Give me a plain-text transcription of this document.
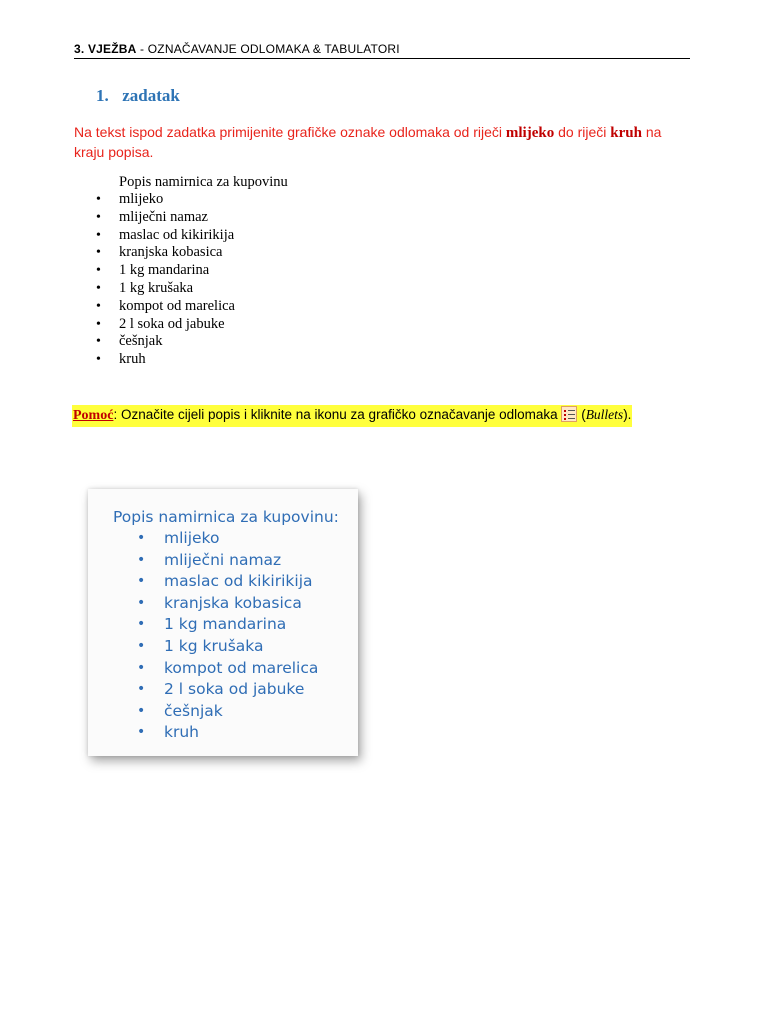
3. VJEŽBA - OZNAČAVANJE ODLOMAKA & TABULATORI
1. zadatak
Na tekst ispod zadatka primijenite grafičke oznake odlomaka od riječi mlijeko do riječi kruh na kraju popisa.
Popis namirnica za kupovinu
•	mlijeko
•	mliječni namaz
•	maslac od kikirikija
•	kranjska kobasica
•	1 kg mandarina
•	1 kg krušaka
•	kompot od marelica
•	2 l soka od jabuke
•	češnjak
•	kruh
Pomoć: Označite cijeli popis i kliknite na ikonu za grafičko označavanje odlomaka
(Bullets).
Popis namirnica za kupovinu:
•	mlijeko
•	mliječni namaz
•	maslac od kikirikija
•	kranjska kobasica
•	1 kg mandarina
•	1 kg krušaka
•	kompot od marelica
•	2 l soka od jabuke
•	češnjak
•	kruh
